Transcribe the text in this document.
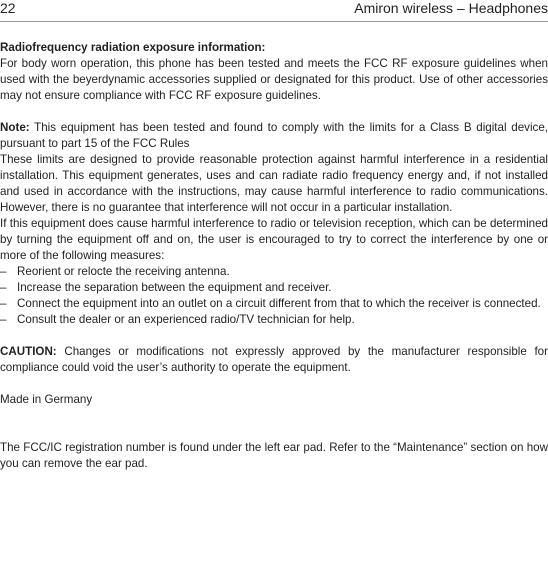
22	Amiron wireless – Headphones

Radiofrequency radiation exposure information:

For body worn operation, this phone has been tested and meets the FCC RF exposure guidelines when used with the beyerdynamic accessories supplied or designated for this product. Use of other accessories may not ensure compliance with FCC RF exposure guidelines.

Note: This equipment has been tested and found to comply with the limits for a Class B digital device, pursuant to part 15 of the FCC Rules

These limits are designed to provide reasonable protection against harmful interference in a residential installation. This equipment generates, uses and can radiate radio frequency energy and, if not installed and used in accordance with the instructions, may cause harmful interference to radio communications. However, there is no guarantee that interference will not occur in a particular installation.

If this equipment does cause harmful interference to radio or television reception, which can be determined by turning the equipment off and on, the user is encouraged to try to correct the interference by one or more of the following measures:

– Reorient or relocte the receiving antenna.
– Increase the separation between the equipment and receiver.
– Connect the equipment into an outlet on a circuit different from that to which the receiver is connected.
– Consult the dealer or an experienced radio/TV technician for help.

CAUTION: Changes or modifications not expressly approved by the manufacturer responsible for compliance could void the user’s authority to operate the equipment.

Made in Germany

The FCC/IC registration number is found under the left ear pad. Refer to the “Maintenance” section on how you can remove the ear pad.
